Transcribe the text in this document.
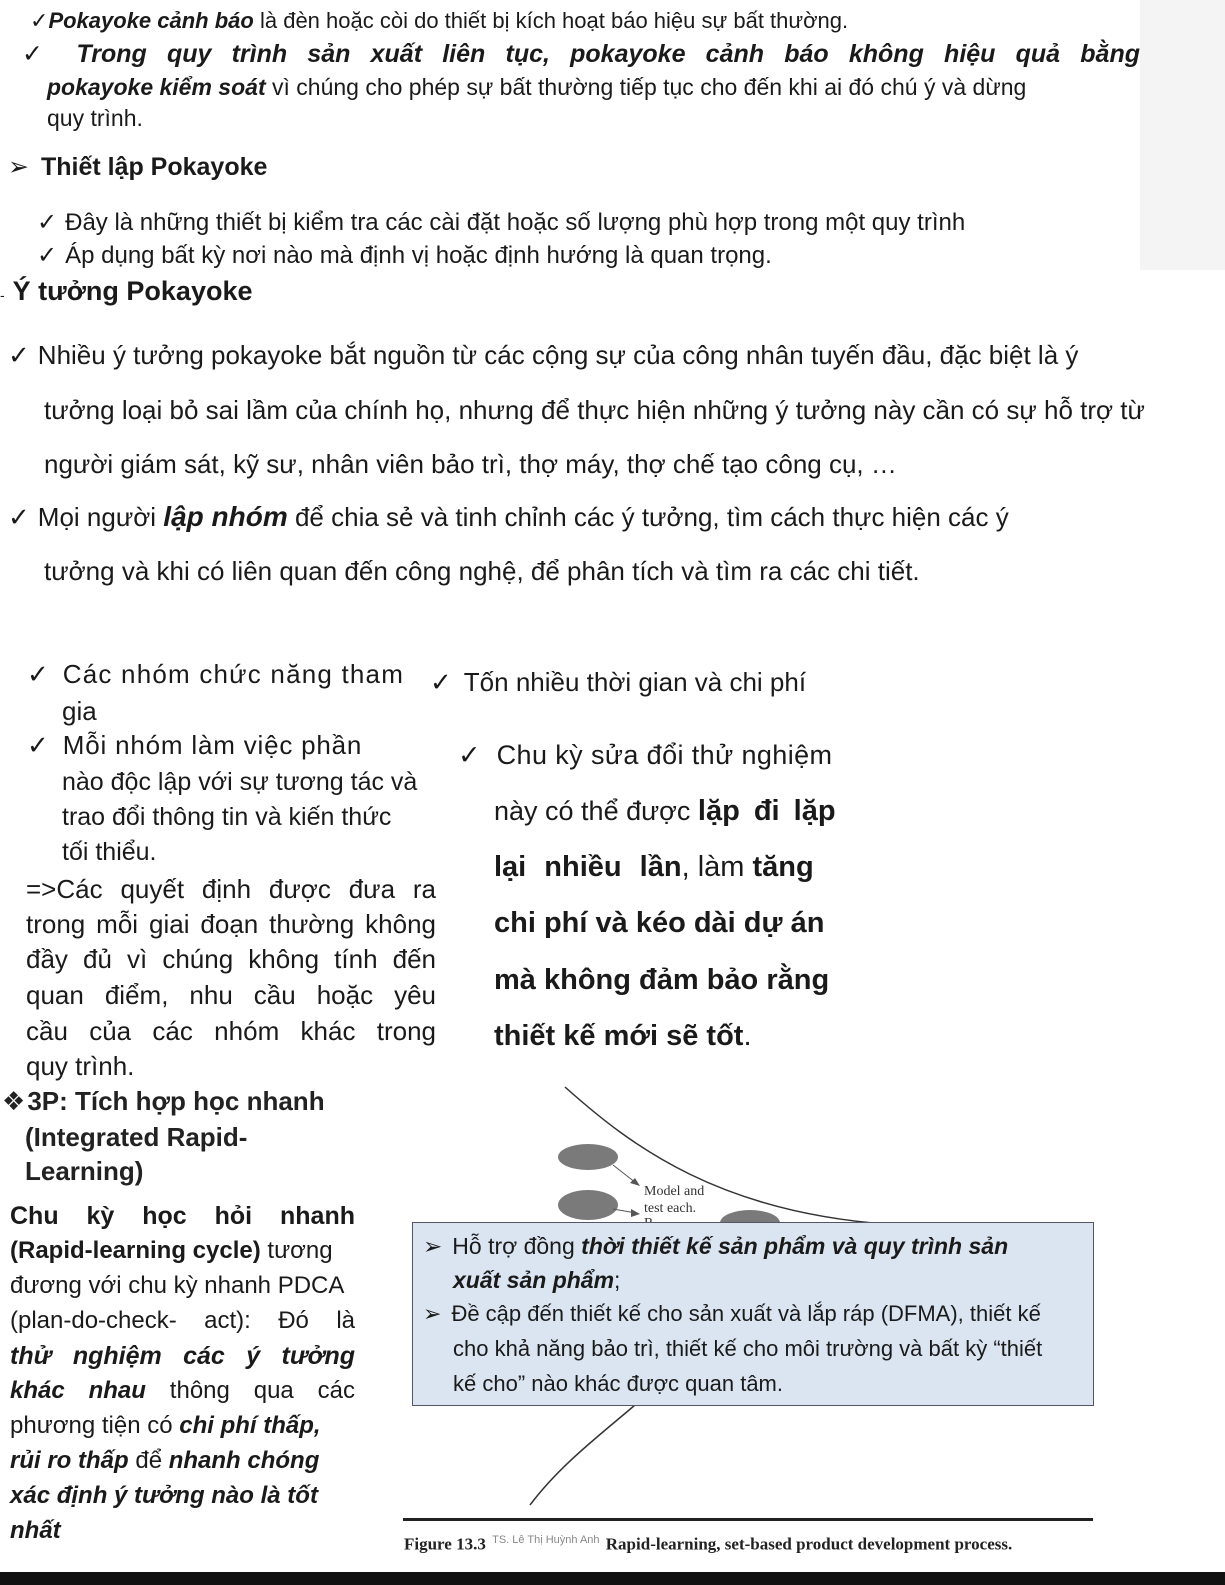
✓Pokayoke cảnh báo là đèn hoặc còi do thiết bị kích hoạt báo hiệu sự bất thường.
✓ Trong quy trình sản xuất liên tục, pokayoke cảnh báo không hiệu quả bằng
pokayoke kiểm soát vì chúng cho phép sự bất thường tiếp tục cho đến khi ai đó chú ý và dừng
quy trình.
➢ Thiết lập Pokayoke
✓ Đây là những thiết bị kiểm tra các cài đặt hoặc số lượng phù hợp trong một quy trình
✓ Áp dụng bất kỳ nơi nào mà định vị hoặc định hướng là quan trọng.
- Ý tưởng Pokayoke
✓ Nhiều ý tưởng pokayoke bắt nguồn từ các cộng sự của công nhân tuyến đầu, đặc biệt là ý
tưởng loại bỏ sai lầm của chính họ, nhưng để thực hiện những ý tưởng này cần có sự hỗ trợ từ
người giám sát, kỹ sư, nhân viên bảo trì, thợ máy, thợ chế tạo công cụ, …
✓ Mọi người lập nhóm để chia sẻ và tinh chỉnh các ý tưởng, tìm cách thực hiện các ý
tưởng và khi có liên quan đến công nghệ, để phân tích và tìm ra các chi tiết.
✓ Các nhóm chức năng tham
gia
✓ Mỗi nhóm làm việc phần
nào độc lập với sự tương tác và
trao đổi thông tin và kiến thức
tối thiểu.
=>Các quyết định được đưa ra
trong mỗi giai đoạn thường không
đầy đủ vì chúng không tính đến
quan điểm, nhu cầu hoặc yêu
cầu của các nhóm khác trong
quy trình.
✓ Tốn nhiều thời gian và chi phí
✓ Chu kỳ sửa đổi thử nghiệm
này có thể được lặp đi lặp
lại nhiều lần, làm tăng
chi phí và kéo dài dự án
mà không đảm bảo rằng
thiết kế mới sẽ tốt.
❖3P: Tích hợp học nhanh
(Integrated Rapid-
Learning)
Chu kỳ học hỏi nhanh
(Rapid-learning cycle) tương
đương với chu kỳ nhanh PDCA
(plan-do-check- act): Đó là
thử nghiệm các ý tưởng
khác nhau thông qua các
phương tiện có chi phí thấp,
rủi ro thấp để nhanh chóng
xác định ý tưởng nào là tốt
nhất
Model and
test each.
➢ Hỗ trợ đồng thời thiết kế sản phẩm và quy trình sản
xuất sản phẩm;
➢ Đề cập đến thiết kế cho sản xuất và lắp ráp (DFMA), thiết kế
cho khả năng bảo trì, thiết kế cho môi trường và bất kỳ “thiết
kế cho” nào khác được quan tâm.
Figure 13.3 $^{TS. Lê Thị Huỳnh Anh}$ Rapid-learning, set-based product development process.
